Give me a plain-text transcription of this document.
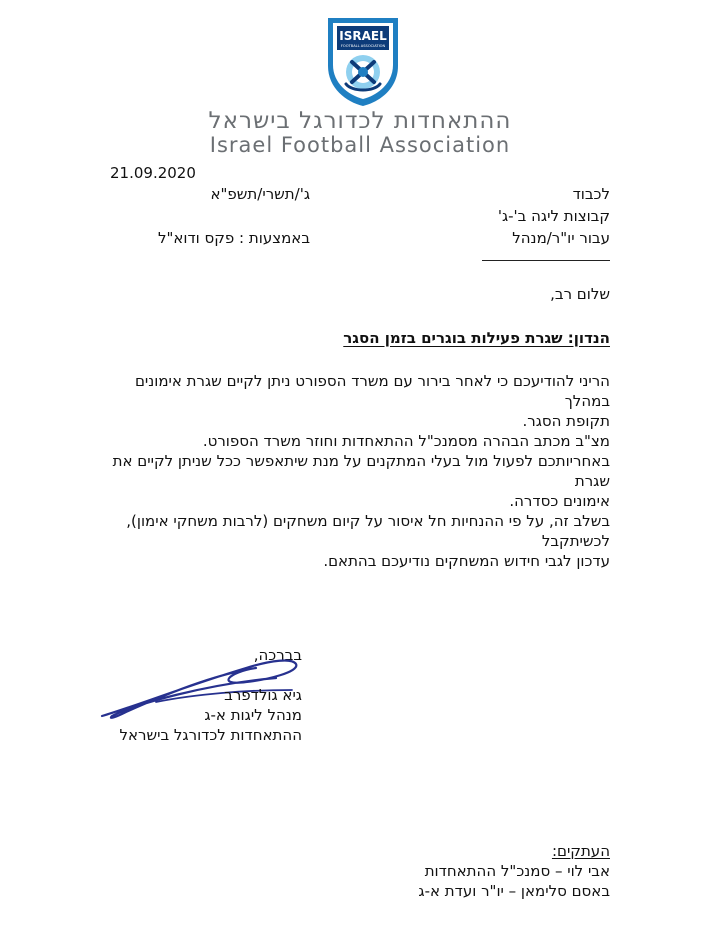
ISRAEL
FOOTBALL ASSOCIATION
ההתאחדות לכדורגל בישראל
Israel Football Association
21.09.2020
ג'/תשרי/תשפ"א
באמצעות : פקס ודוא"ל
לכבוד
קבוצות ליגה ב'-ג'
עבור יו"ר/מנהל
שלום רב,
הנדון: שגרת פעילות בוגרים בזמן הסגר

הריני להודיעכם כי לאחר בירור עם משרד הספורט ניתן לקיים שגרת אימונים במהלך

תקופת הסגר.

מצ"ב מכתב הבהרה מסמנכ"ל ההתאחדות וחוזר משרד הספורט.

באחריותכם לפעול מול בעלי המתקנים על מנת שיתאפשר ככל שניתן לקיים את שגרת

אימונים כסדרה.

בשלב זה, על פי ההנחיות חל איסור על קיום משחקים (לרבות משחקי אימון), לכשיתקבל

עדכון לגבי חידוש המשחקים נודיעכם בהתאם.

בברכה,
גיא גולדפרב
מנהל ליגות א-ג
ההתאחדות לכדורגל בישראל
העתקים:
אבי לוי – סמנכ"ל ההתאחדות
באסם סלימאן – יו"ר ועדת א-ג
